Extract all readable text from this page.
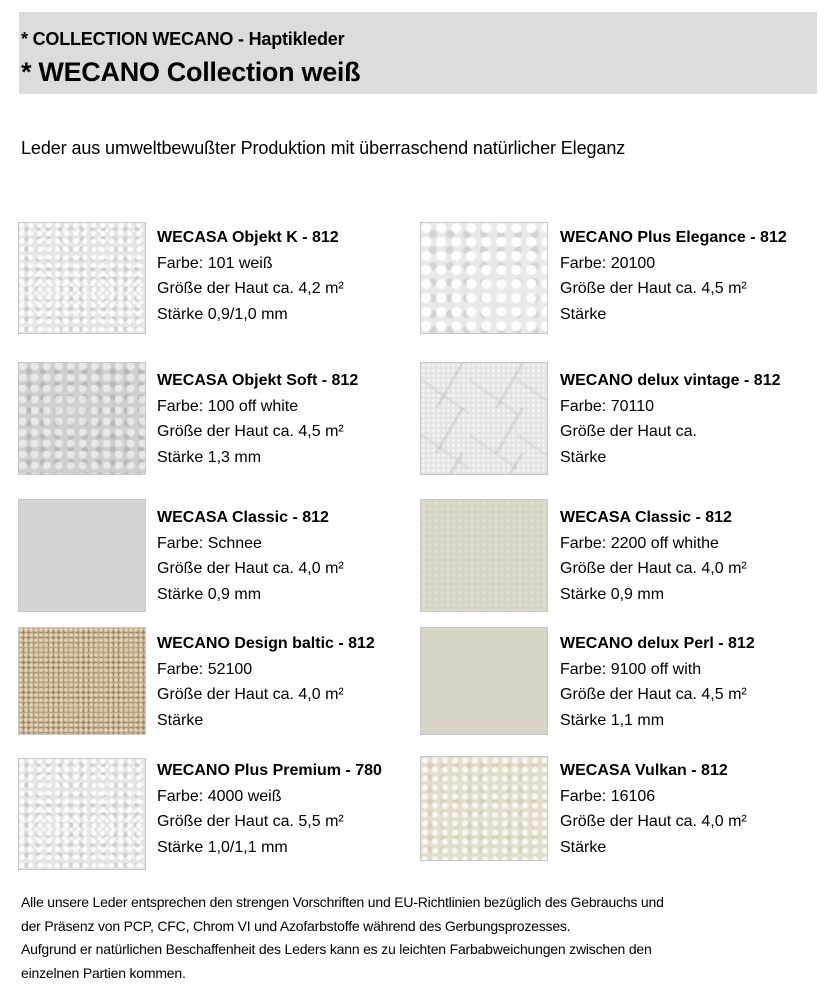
* COLLECTION WECANO - Haptikleder
* WECANO Collection weiß
Leder aus umweltbewußter Produktion mit überraschend natürlicher Eleganz
WECASA Objekt K - 812
Farbe: 101 weiß
Größe der Haut ca. 4,2 m²
Stärke 0,9/1,0 mm
WECANO Plus Elegance - 812
Farbe: 20100
Größe der Haut ca. 4,5 m²
Stärke
WECASA Objekt Soft - 812
Farbe: 100 off white
Größe der Haut ca. 4,5 m²
Stärke 1,3 mm
WECANO delux vintage - 812
Farbe: 70110
Größe der Haut ca.
Stärke
WECASA Classic - 812
Farbe: Schnee
Größe der Haut ca. 4,0 m²
Stärke 0,9 mm
WECASA Classic - 812
Farbe: 2200 off whithe
Größe der Haut ca. 4,0 m²
Stärke 0,9 mm
WECANO Design baltic - 812
Farbe: 52100
Größe der Haut ca. 4,0 m²
Stärke
WECANO delux Perl - 812
Farbe: 9100 off with
Größe der Haut ca. 4,5 m²
Stärke 1,1 mm
WECANO Plus Premium - 780
Farbe: 4000 weiß
Größe der Haut ca. 5,5 m²
Stärke 1,0/1,1 mm
WECASA Vulkan - 812
Farbe: 16106
Größe der Haut ca. 4,0 m²
Stärke
Alle unsere Leder entsprechen den strengen Vorschriften und EU-Richtlinien bezüglich des Gebrauchs und
der Präsenz von PCP, CFC, Chrom VI und Azofarbstoffe während des Gerbungsprozesses.
Aufgrund er natürlichen Beschaffenheit des Leders kann es zu leichten Farbabweichungen zwischen den
einzelnen Partien kommen.
